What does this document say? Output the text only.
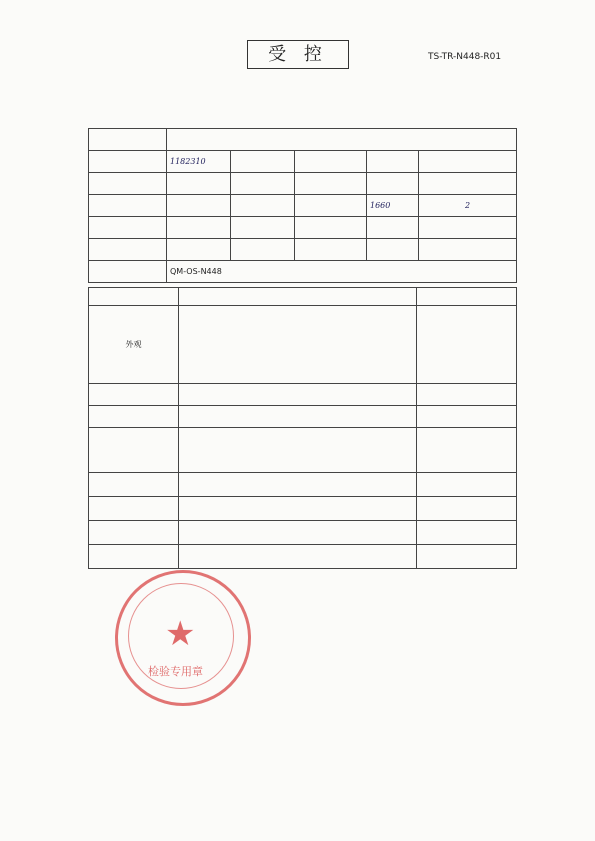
受 控	TS-TR-N448-R01

	1182310				

				1660	2

	QM-OS-N448				

外观		

★
检验专用章
